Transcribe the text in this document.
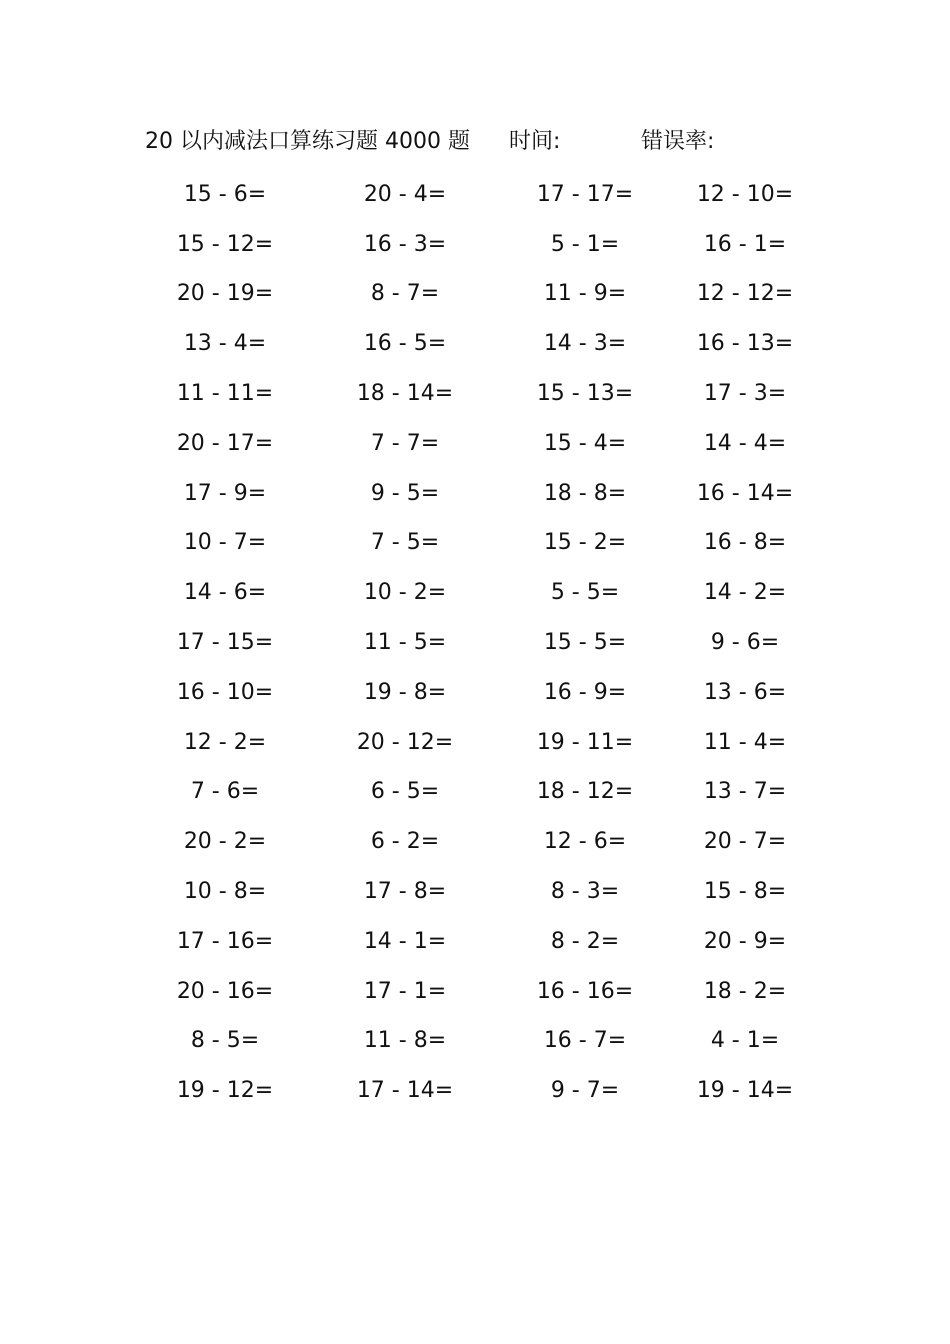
20 以内减法口算练习题 4000 题 时间:	错误率:
15 - 6=	20 - 4=	17 - 17=	12 - 10=
15 - 12=	16 - 3=	5 - 1=	16 - 1=
20 - 19=	8 - 7=	11 - 9=	12 - 12=
13 - 4=	16 - 5=	14 - 3=	16 - 13=
11 - 11=	18 - 14=	15 - 13=	17 - 3=
20 - 17=	7 - 7=	15 - 4=	14 - 4=
17 - 9=	9 - 5=	18 - 8=	16 - 14=
10 - 7=	7 - 5=	15 - 2=	16 - 8=
14 - 6=	10 - 2=	5 - 5=	14 - 2=
17 - 15=	11 - 5=	15 - 5=	9 - 6=
16 - 10=	19 - 8=	16 - 9=	13 - 6=
12 - 2=	20 - 12=	19 - 11=	11 - 4=
7 - 6=	6 - 5=	18 - 12=	13 - 7=
20 - 2=	6 - 2=	12 - 6=	20 - 7=
10 - 8=	17 - 8=	8 - 3=	15 - 8=
17 - 16=	14 - 1=	8 - 2=	20 - 9=
20 - 16=	17 - 1=	16 - 16=	18 - 2=
8 - 5=	11 - 8=	16 - 7=	4 - 1=
19 - 12=	17 - 14=	9 - 7=	19 - 14=
